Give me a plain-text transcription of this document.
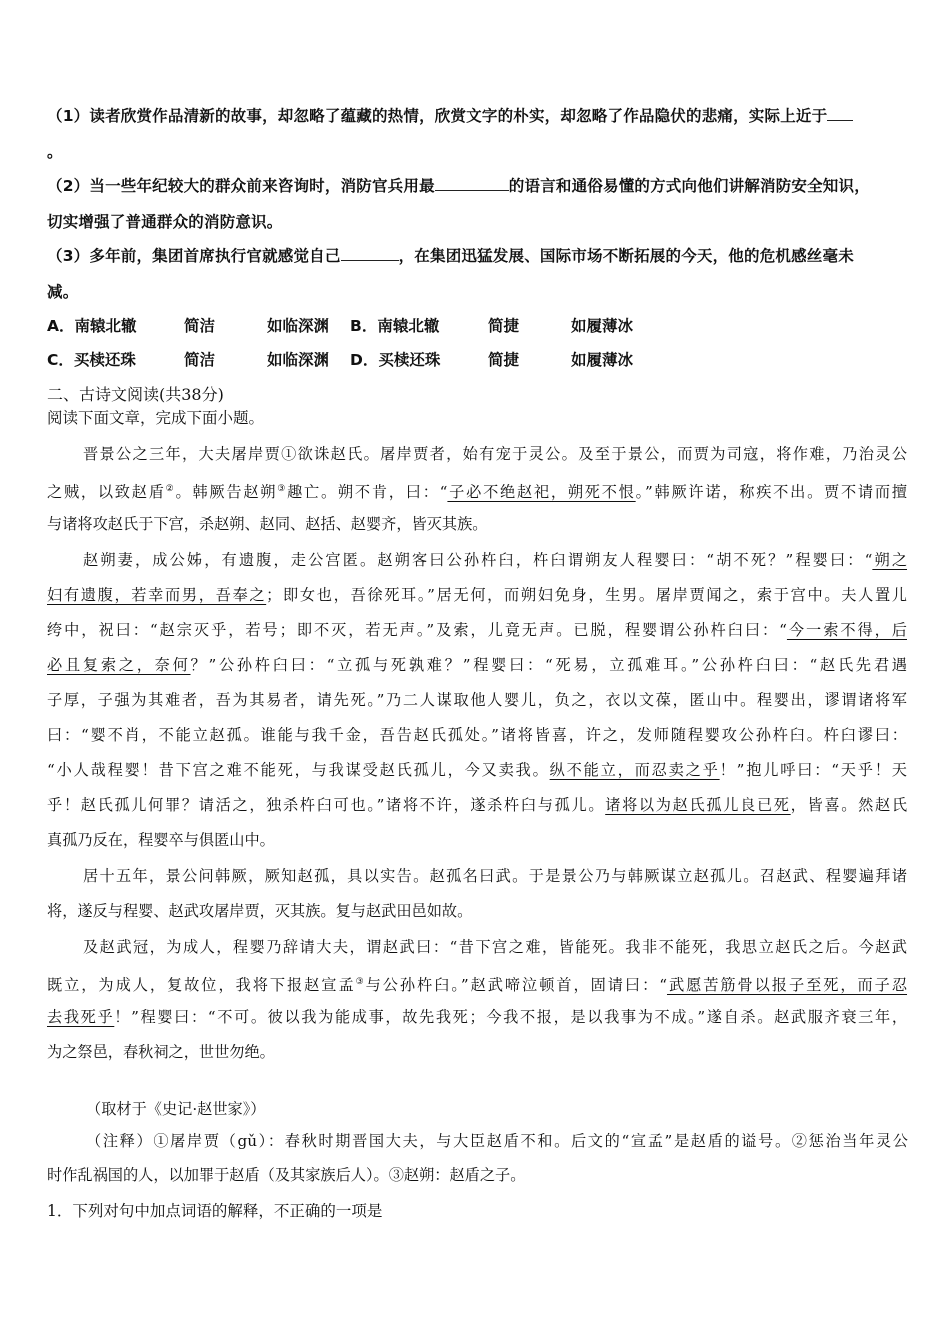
（1）读者欣赏作品清新的故事，却忽略了蕴藏的热情，欣赏文字的朴实，却忽略了作品隐伏的悲痛，实际上近于
。
（2）当一些年纪较大的群众前来咨询时，消防官兵用最	的语言和通俗易懂的方式向他们讲解消防安全知识，
切实增强了普通群众的消防意识。
（3）多年前，集团首席执行官就感觉自己	，在集团迅猛发展、国际市场不断拓展的今天，他的危机感丝毫未
减。
A．南辕北辙	简洁	如临深渊 B．南辕北辙	简捷	如履薄冰
C．买椟还珠	简洁	如临深渊 D．买椟还珠	简捷	如履薄冰
二、古诗文阅读(共38分)
阅读下面文章，完成下面小题。
晋景公之三年，大夫屠岸贾①欲诛赵氏。屠岸贾者，始有宠于灵公。及至于景公，而贾为司寇，将作难，乃治灵公
之贼，以致赵盾②。韩厥告赵朔③趣亡。朔不肯，曰：“子必不绝赵祀，朔死不恨。”韩厥许诺，称疾不出。贾不请而擅
与诸将攻赵氏于下宫，杀赵朔、赵同、赵括、赵婴齐，皆灭其族。
赵朔妻，成公姊，有遗腹，走公宫匿。赵朔客曰公孙杵臼，杵臼谓朔友人程婴曰：“胡不死？”程婴曰：“朔之
妇有遗腹，若幸而男，吾奉之；即女也，吾徐死耳。”居无何，而朔妇免身，生男。屠岸贾闻之，索于宫中。夫人置儿
绔中，祝曰：“赵宗灭乎，若号；即不灭，若无声。”及索，儿竟无声。已脱，程婴谓公孙杵臼曰：“今一索不得，后
必且复索之，奈何？”公孙杵臼曰：“立孤与死孰难？”程婴曰：“死易，立孤难耳。”公孙杵臼曰：“赵氏先君遇
子厚，子强为其难者，吾为其易者，请先死。”乃二人谋取他人婴儿，负之，衣以文葆，匿山中。程婴出，谬谓诸将军
曰：“婴不肖，不能立赵孤。谁能与我千金，吾告赵氏孤处。”诸将皆喜，许之，发师随程婴攻公孙杵臼。杵臼谬曰：
“小人哉程婴！昔下宫之难不能死，与我谋受赵氏孤儿，今又卖我。纵不能立，而忍卖之乎！”抱儿呼曰：“天乎！天
乎！赵氏孤儿何罪？请活之，独杀杵臼可也。”诸将不许，遂杀杵臼与孤儿。诸将以为赵氏孤儿良已死，皆喜。然赵氏
真孤乃反在，程婴卒与俱匿山中。
居十五年，景公问韩厥，厥知赵孤，具以实告。赵孤名曰武。于是景公乃与韩厥谋立赵孤儿。召赵武、程婴遍拜诸
将，遂反与程婴、赵武攻屠岸贾，灭其族。复与赵武田邑如故。
及赵武冠，为成人，程婴乃辞请大夫，谓赵武曰：“昔下宫之难，皆能死。我非不能死，我思立赵氏之后。今赵武
既立，为成人，复故位，我将下报赵宣孟③与公孙杵臼。”赵武啼泣顿首，固请曰：“武愿苦筋骨以报子至死，而子忍
去我死乎！”程婴曰：“不可。彼以我为能成事，故先我死；今我不报，是以我事为不成。”遂自杀。赵武服齐衰三年，
为之祭邑，春秋祠之，世世勿绝。
（取材于《史记·赵世家》）
（注释）①屠岸贾（gǔ）：春秋时期晋国大夫，与大臣赵盾不和。后文的“宣孟”是赵盾的谥号。②惩治当年灵公
时作乱祸国的人，以加罪于赵盾（及其家族后人）。③赵朔：赵盾之子。
1．下列对句中加点词语的解释，不正确的一项是
